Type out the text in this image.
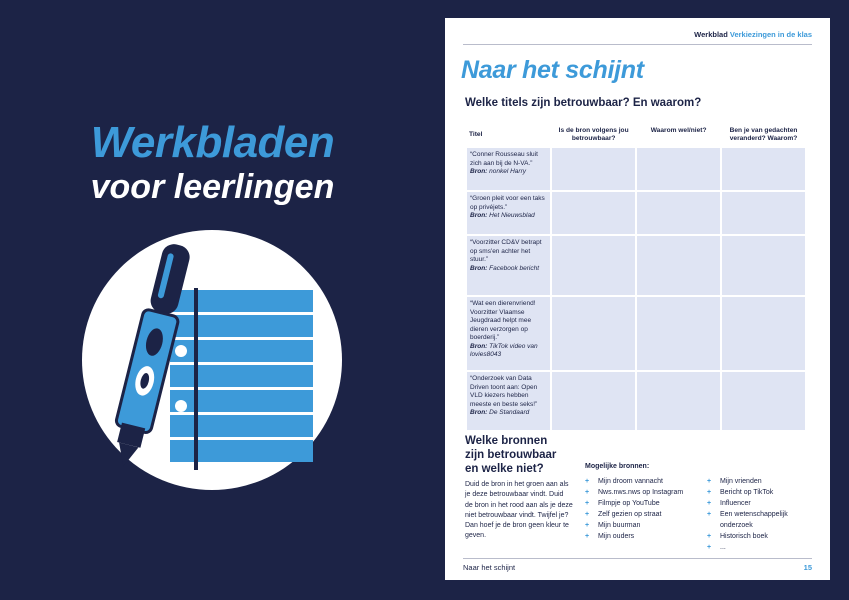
Werkbladen
voor leerlingen
Werkblad Verkiezingen in de klas
Naar het schijnt
Welke titels zijn betrouwbaar? En waarom?
Titel	Is de bron volgens jou betrouwbaar?	Waarom wel/niet?	Ben je van gedachten veranderd? Waarom?
“Conner Rousseau sluit zich aan bij de N-VA.”
Bron: nonkel Harry			
“Groen pleit voor een taks op privéjets.”
Bron: Het Nieuwsblad			
“Voorzitter CD&V betrapt op sms'en achter het stuur.”
Bron: Facebook bericht			
“Wat een dierenvriend! Voorzitter Vlaamse Jeugdraad helpt mee dieren verzorgen op boerderij.”
Bron: TikTok video van lovies8043			
“Onderzoek van Data Driven toont aan: Open VLD kiezers hebben meeste en beste seks!”
Bron: De Standaard			
Welke bronnen zijn betrouwbaar en welke niet?
Duid de bron in het groen aan als je deze betrouwbaar vindt. Duid de bron in het rood aan als je deze niet betrouwbaar vindt. Twijfel je? Dan hoef je de bron geen kleur te geven.
Mogelijke bronnen:
+ Mijn droom vannacht
+ Nws.nws.nws op Instagram
+ Filmpje op YouTube
+ Zelf gezien op straat
+ Mijn buurman
+ Mijn ouders
+ Mijn vrienden
+ Bericht op TikTok
+ Influencer
+ Een wetenschappelijk onderzoek
+ Historisch boek
+ ...
Naar het schijnt	15
